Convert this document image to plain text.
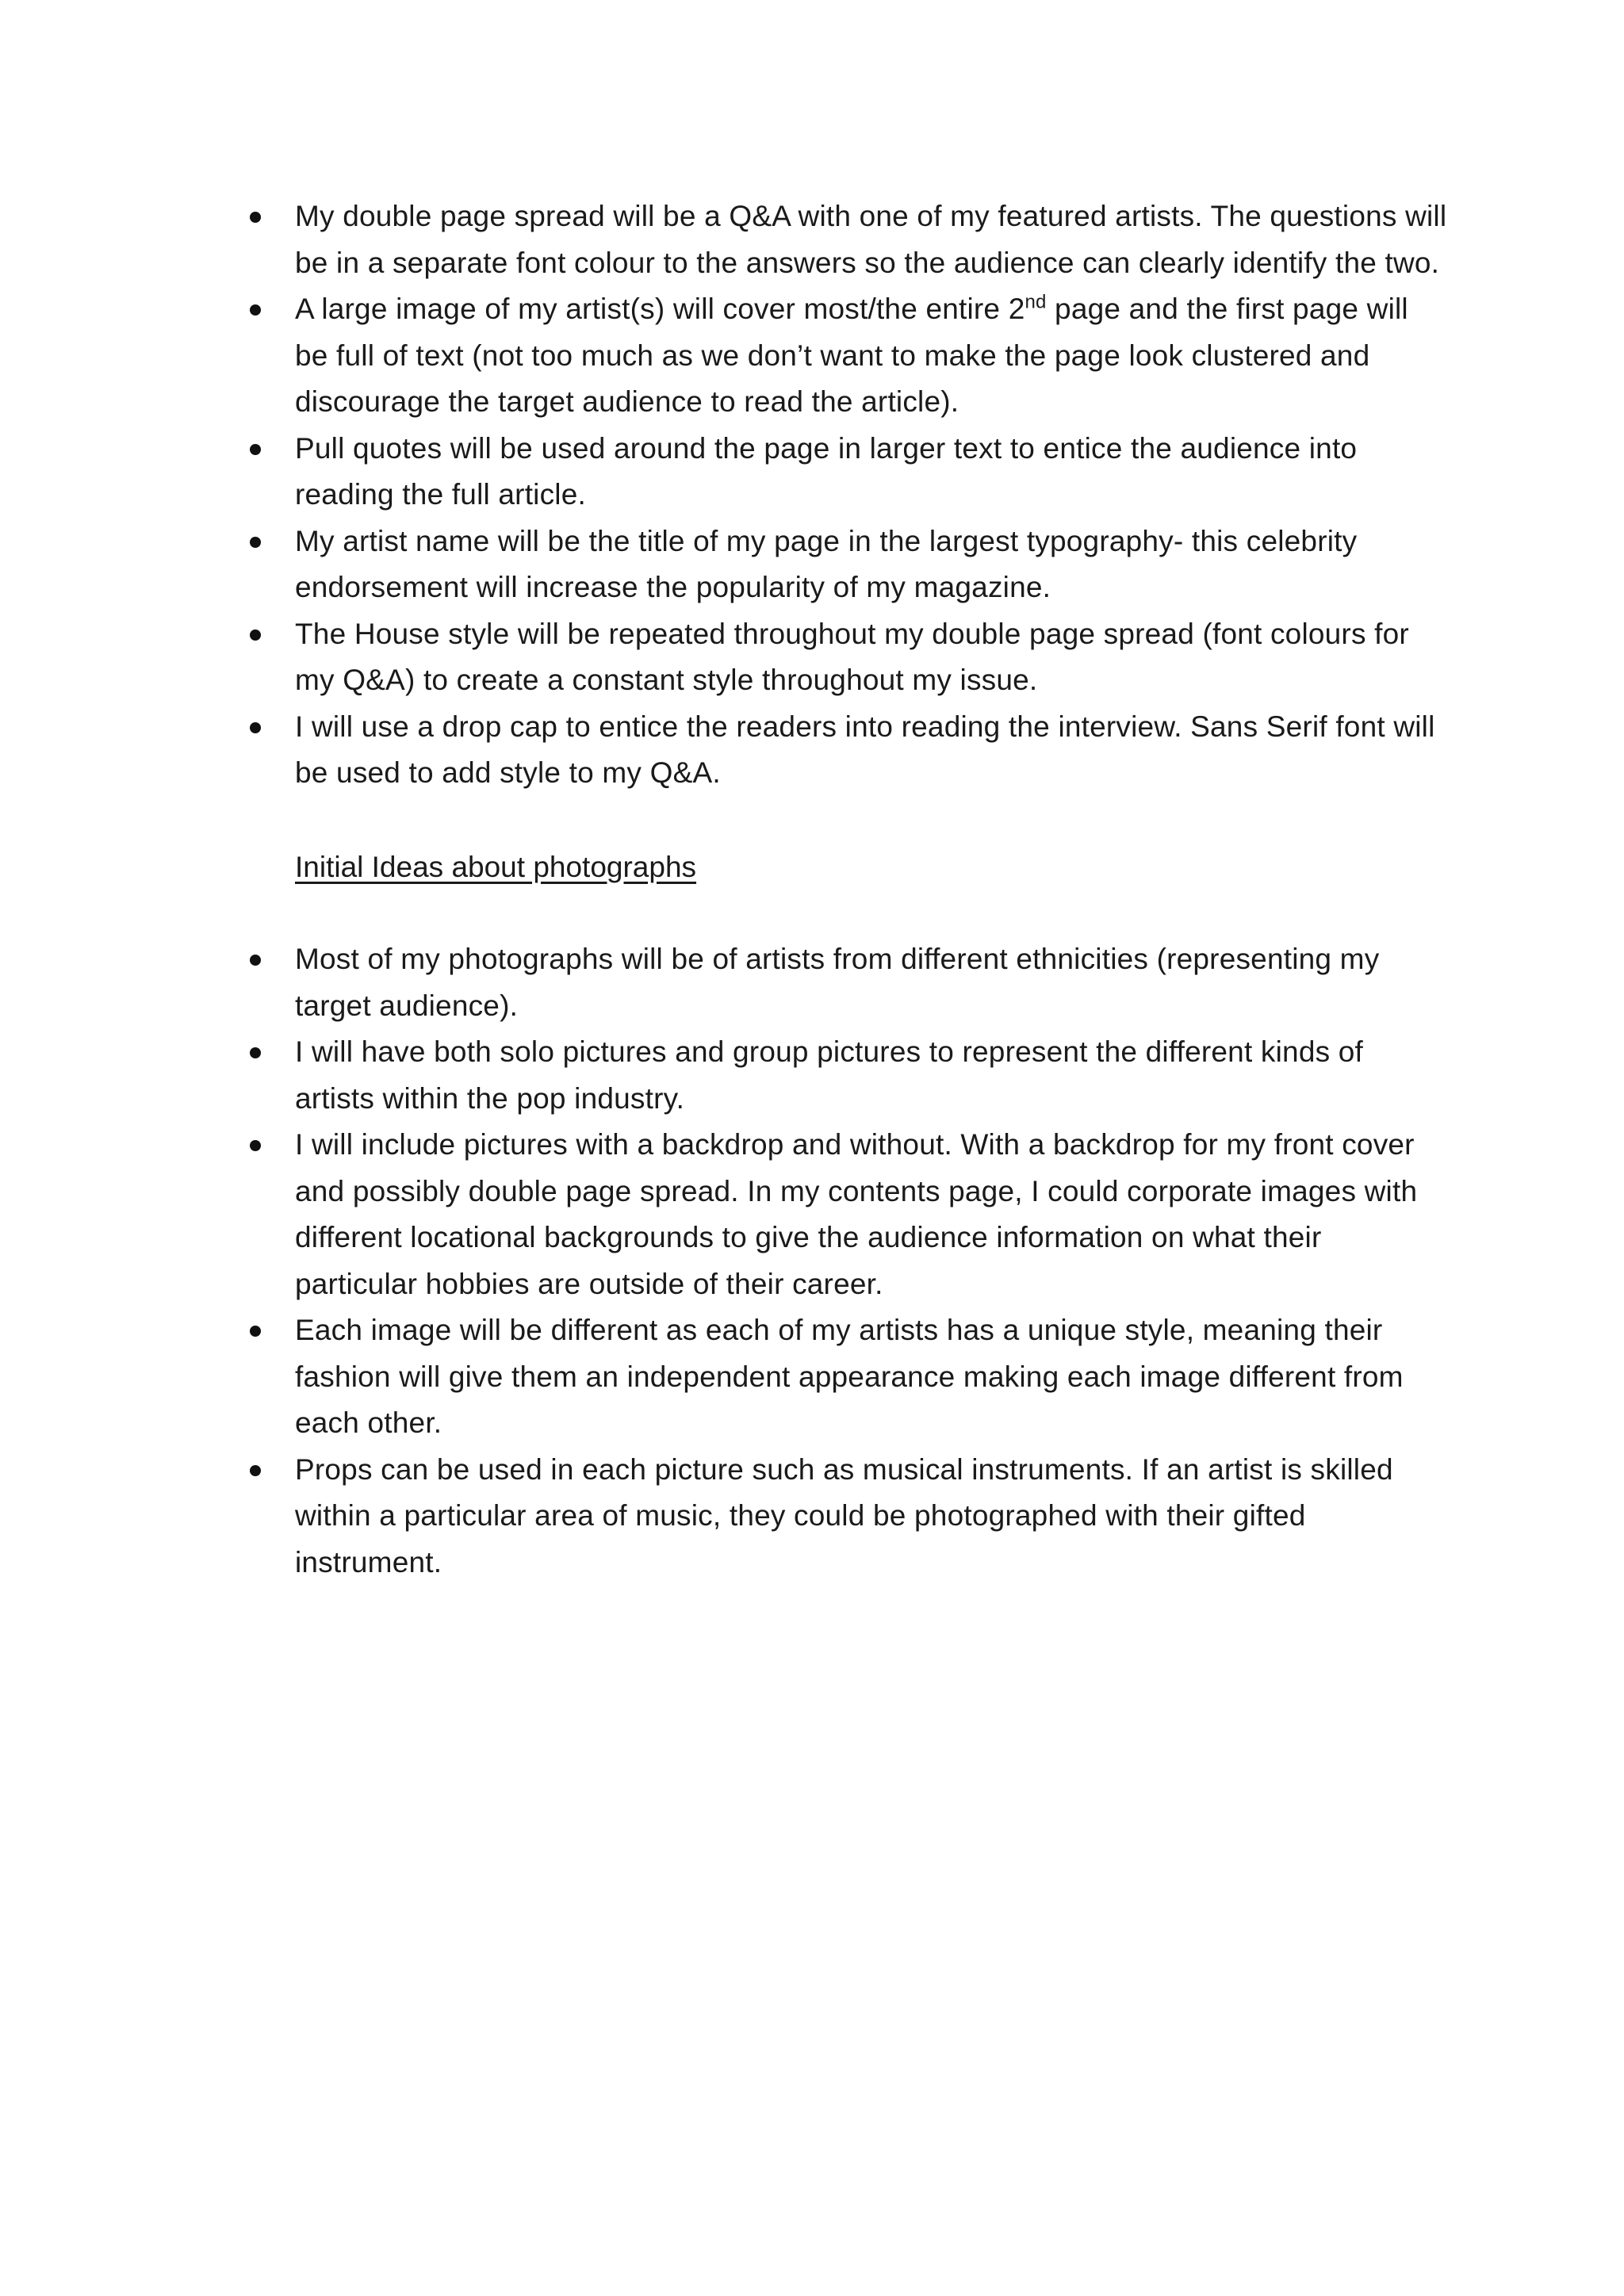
My double page spread will be a Q&A with one of my featured artists. The questions will be in a separate font colour to the answers so the audience can clearly identify the two.
A large image of my artist(s) will cover most/the entire 2nd page and the first page will be full of text (not too much as we don’t want to make the page look clustered and discourage the target audience to read the article).
Pull quotes will be used around the page in larger text to entice the audience into reading the full article.
My artist name will be the title of my page in the largest typography- this celebrity endorsement will increase the popularity of my magazine.
The House style will be repeated throughout my double page spread (font colours for my Q&A) to create a constant style throughout my issue.
I will use a drop cap to entice the readers into reading the interview. Sans Serif font will be used to add style to my Q&A.
Initial Ideas about photographs
Most of my photographs will be of artists from different ethnicities (representing my target audience).
I will have both solo pictures and group pictures to represent the different kinds of artists within the pop industry.
I will include pictures with a backdrop and without. With a backdrop for my front cover and possibly double page spread. In my contents page, I could corporate images with different locational backgrounds to give the audience information on what their particular hobbies are outside of their career.
Each image will be different as each of my artists has a unique style, meaning their fashion will give them an independent appearance making each image different from each other.
Props can be used in each picture such as musical instruments. If an artist is skilled within a particular area of music, they could be photographed with their gifted instrument.
